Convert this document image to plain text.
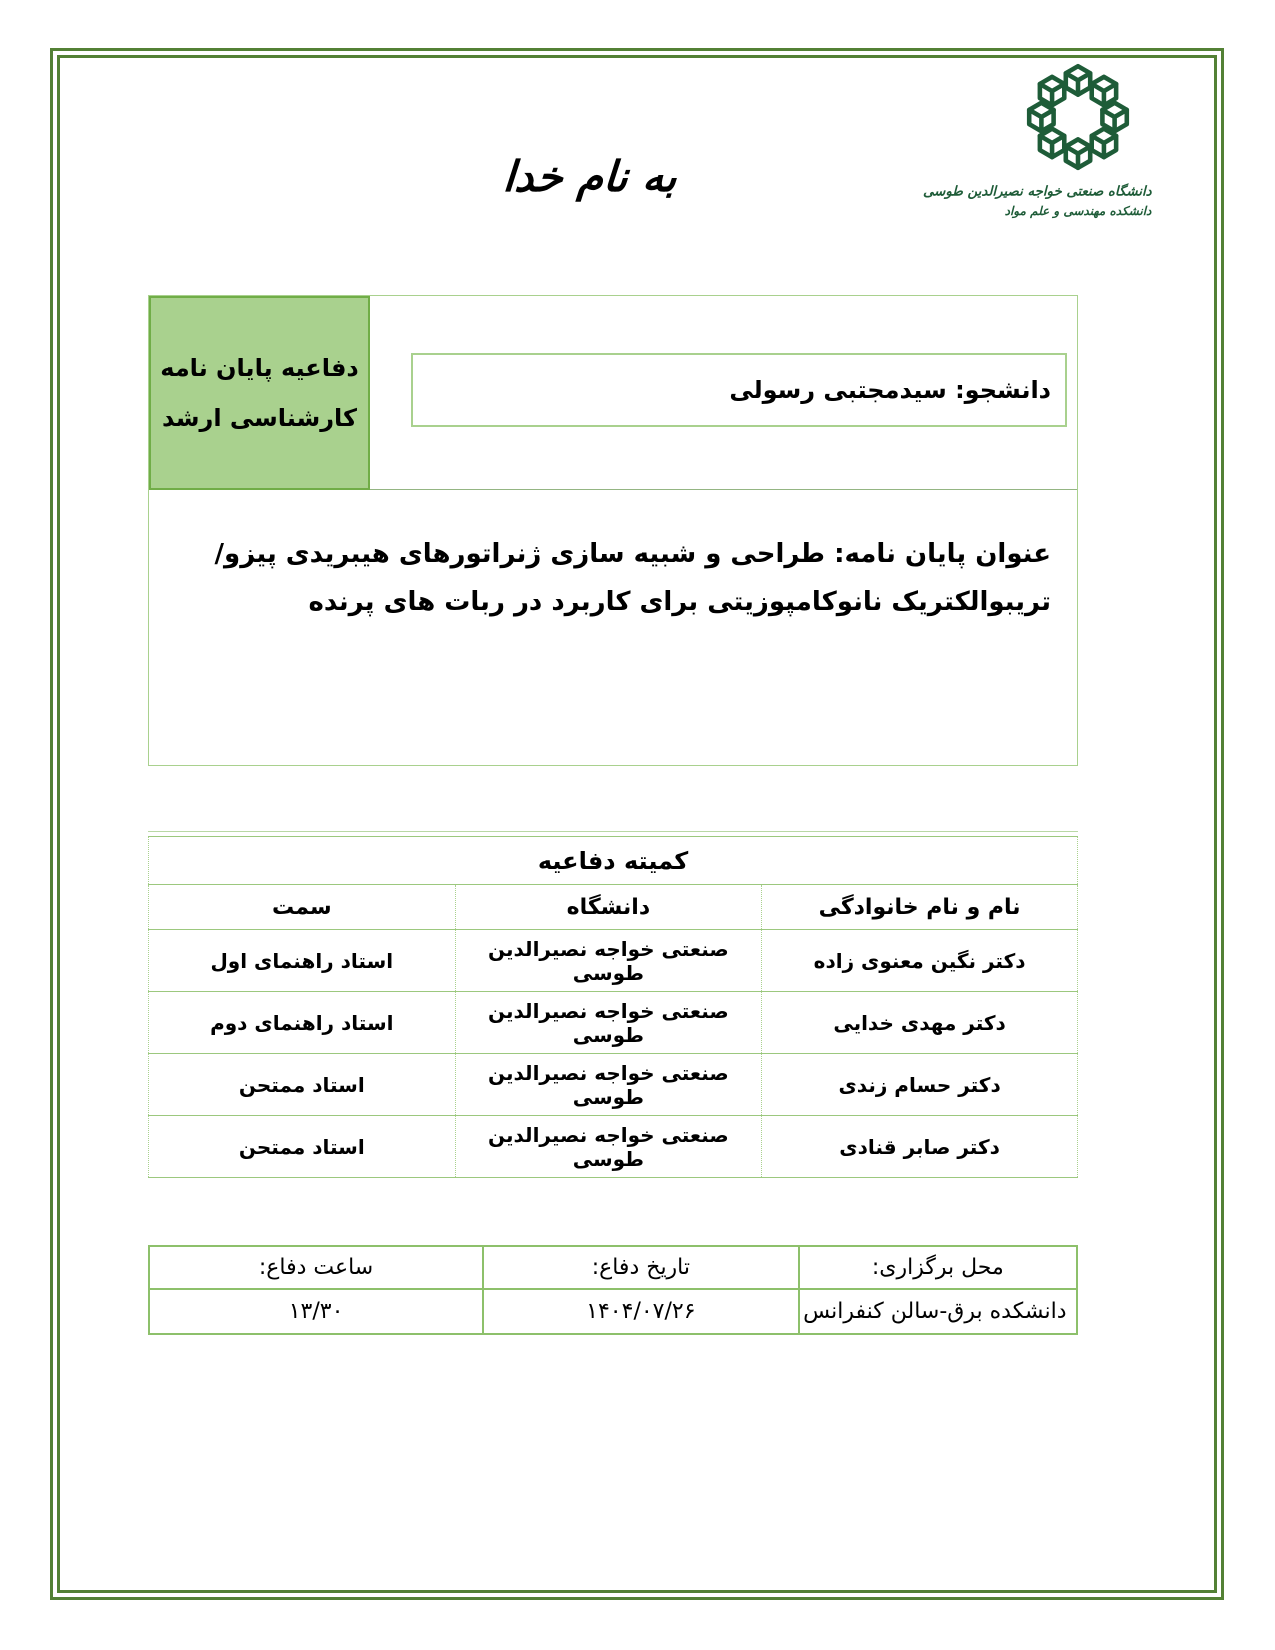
به نام خدا	دانشگاه صنعتی خواجه نصیرالدین طوسی
دانشکده مهندسی و علم مواد
دفاعیه پایان نامه
کارشناسی ارشد
دانشجو: سیدمجتبی رسولی
عنوان پایان نامه: طراحی و شبیه سازی ژنراتورهای هیبریدی پیزو/تریبوالکتریک نانوکامپوزیتی برای کاربرد در ربات های پرنده
کمیته دفاعیه		
نام و نام خانوادگی	دانشگاه	سمت
دکتر نگین معنوی زاده	صنعتی خواجه نصیرالدین طوسی	استاد راهنمای اول
دکتر مهدی خدایی	صنعتی خواجه نصیرالدین طوسی	استاد راهنمای دوم
دکتر حسام زندی	صنعتی خواجه نصیرالدین طوسی	استاد ممتحن
دکتر صابر قنادی	صنعتی خواجه نصیرالدین طوسی	استاد ممتحن
محل برگزاری:	تاریخ دفاع:	ساعت دفاع:
دانشکده برق-سالن کنفرانس	۱۴۰۴/۰۷/۲۶	۱۳/۳۰
